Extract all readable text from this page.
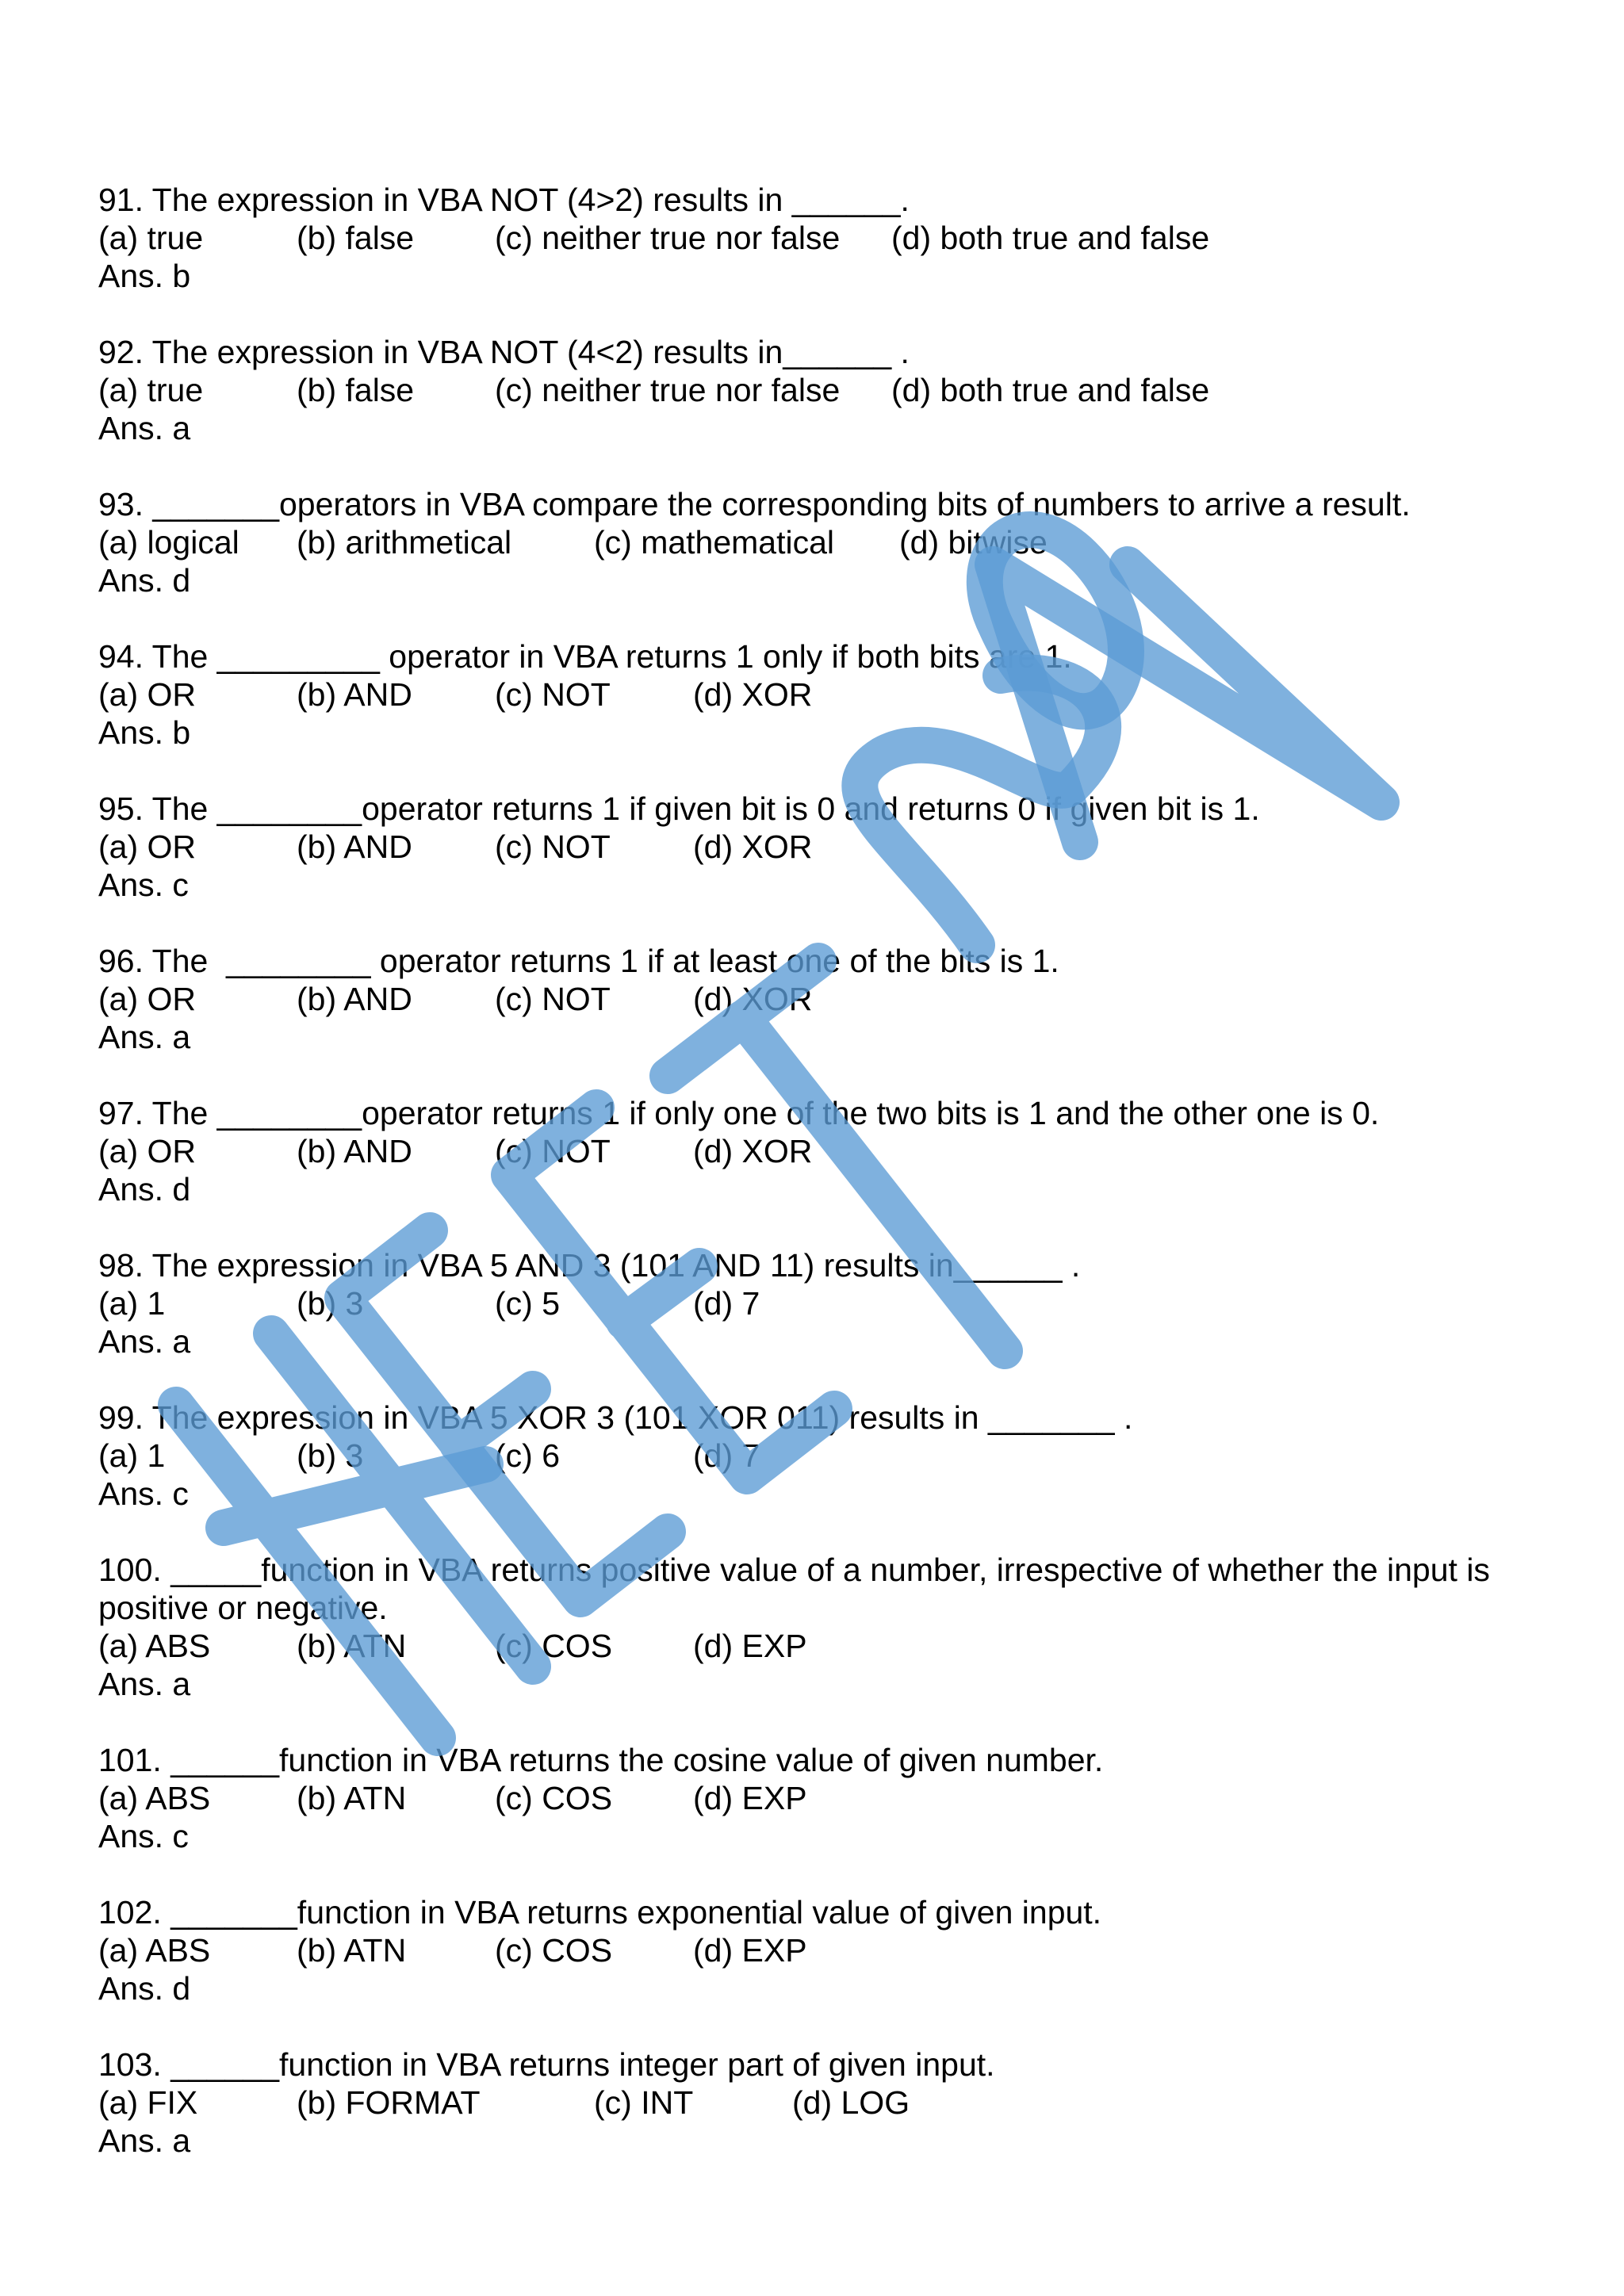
91. The expression in VBA NOT (4>2) results in ______.
(a) true	(b) false (c) neither true nor false (d) both true and false
Ans. b
92. The expression in VBA NOT (4<2) results in______ .
(a) true	(b) false (c) neither true nor false (d) both true and false
Ans. a
93. _______operators in VBA compare the corresponding bits of numbers to arrive a result.
(a) logical (b) arithmetical	(c) mathematical (d) bitwise
Ans. d
94. The _________ operator in VBA returns 1 only if both bits are 1.
(a) OR	(b) AND	(c) NOT	(d) XOR
Ans. b
95. The ________operator returns 1 if given bit is 0 and returns 0 if given bit is 1.
(a) OR	(b) AND	(c) NOT	(d) XOR
Ans. c
96. The  ________ operator returns 1 if at least one of the bits is 1.
(a) OR	(b) AND	(c) NOT	(d) XOR
Ans. a
97. The ________operator returns 1 if only one of the two bits is 1 and the other one is 0.
(a) OR	(b) AND	(c) NOT	(d) XOR
Ans. d
98. The expression in VBA 5 AND 3 (101 AND 11) results in______ .
(a) 1	(b) 3	(c) 5	(d) 7
Ans. a
99. The expression in VBA 5 XOR 3 (101 XOR 011) results in _______ .
(a) 1	(b) 3	(c) 6	(d) 7
Ans. c
100. _____function in VBA returns positive value of a number, irrespective of whether the input is positive or negative.
(a) ABS	(b) ATN	(c) COS (d) EXP
Ans. a
101. ______function in VBA returns the cosine value of given number.
(a) ABS	(b) ATN	(c) COS (d) EXP
Ans. c
102. _______function in VBA returns exponential value of given input.
(a) ABS	(b) ATN	(c) COS (d) EXP
Ans. d
103. ______function in VBA returns integer part of given input.
(a) FIX	(b) FORMAT	(c) INT	(d) LOG
Ans. a
